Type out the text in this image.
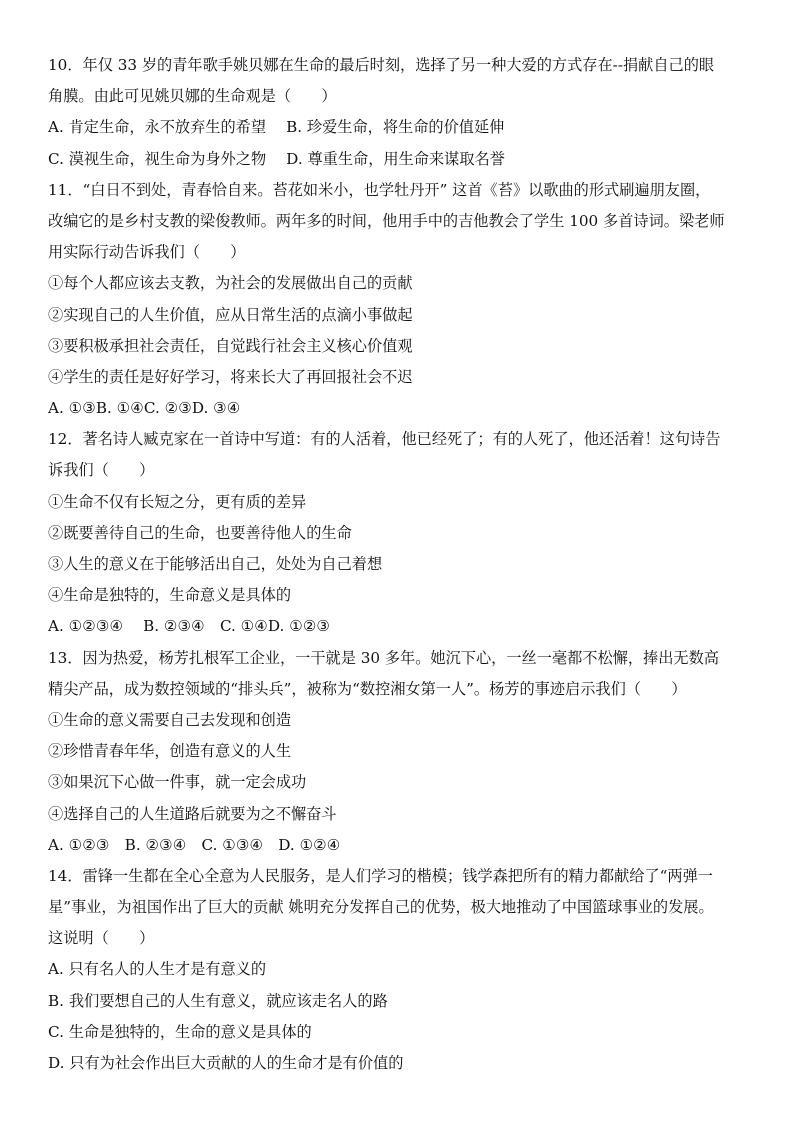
10．年仅 33 岁的青年歌手姚贝娜在生命的最后时刻，选择了另一种大爱的方式存在--捐献自己的眼
角膜。由此可见姚贝娜的生命观是（　　）
A. 肯定生命，永不放弃生的希望　 B. 珍爱生命，将生命的价值延伸
C. 漠视生命，视生命为身外之物　 D. 尊重生命，用生命来谋取名誉
11．“白日不到处，青春恰自来。苔花如米小，也学牡丹开” 这首《苔》以歌曲的形式刷遍朋友圈，
改编它的是乡村支教的梁俊教师。两年多的时间，他用手中的吉他教会了学生 100 多首诗词。梁老师
用实际行动告诉我们（　　）
①每个人都应该去支教，为社会的发展做出自己的贡献
②实现自己的人生价值，应从日常生活的点滴小事做起
③要积极承担社会责任，自觉践行社会主义核心价值观
④学生的责任是好好学习，将来长大了再回报社会不迟
A. ①③B. ①④C. ②③D. ③④
12．著名诗人臧克家在一首诗中写道：有的人活着，他已经死了；有的人死了，他还活着！这句诗告
诉我们（　　）
①生命不仅有长短之分，更有质的差异
②既要善待自己的生命，也要善待他人的生命
③人生的意义在于能够活出自己，处处为自己着想
④生命是独特的，生命意义是具体的
A. ①②③④　 B. ②③④　C. ①④D. ①②③
13．因为热爱，杨芳扎根军工企业，一干就是 30 多年。她沉下心，一丝一毫都不松懈，捧出无数高
精尖产品，成为数控领域的“排头兵”，被称为“数控湘女第一人”。杨芳的事迹启示我们（　　）
①生命的意义需要自己去发现和创造
②珍惜青春年华，创造有意义的人生
③如果沉下心做一件事，就一定会成功
④选择自己的人生道路后就要为之不懈奋斗
A. ①②③　B. ②③④　C. ①③④　D. ①②④
14．雷锋一生都在全心全意为人民服务，是人们学习的楷模；钱学森把所有的精力都献给了“两弹一
星”事业，为祖国作出了巨大的贡献 姚明充分发挥自己的优势，极大地推动了中国篮球事业的发展。
这说明（　　）
A. 只有名人的人生才是有意义的
B. 我们要想自己的人生有意义，就应该走名人的路
C. 生命是独特的，生命的意义是具体的
D. 只有为社会作出巨大贡献的人的生命才是有价值的
